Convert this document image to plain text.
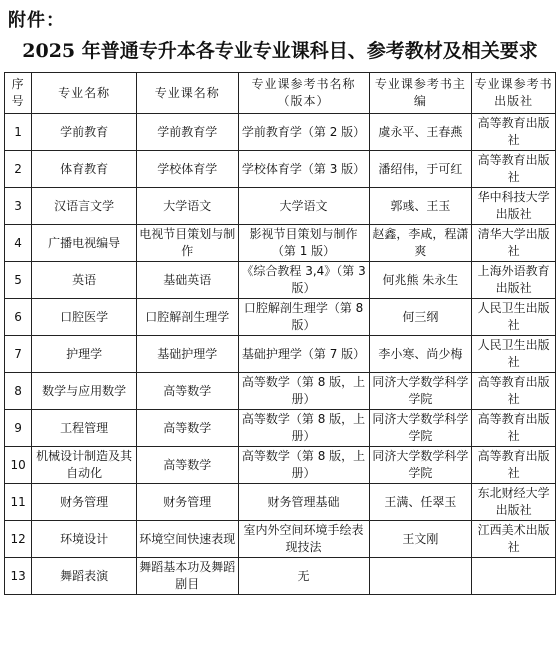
附件：
2025 年普通专升本各专业专业课科目、参考教材及相关要求
序号	专业名称	专业课名称	专业课参考书名称（版本）	专业课参考书主编	专业课参考书出版社
1	学前教育	学前教育学	学前教育学（第 2 版）	虞永平、王春燕	高等教育出版社
2	体育教育	学校体育学	学校体育学（第 3 版）	潘绍伟，于可红	高等教育出版社
3	汉语言文学	大学语文	大学语文	郭彧、王玉	华中科技大学出版社
4	广播电视编导	电视节目策划与制作	影视节目策划与制作（第 1 版）	赵鑫，李咸，程潇爽	清华大学出版社
5	英语	基础英语	《综合教程 3,4》（第 3 版）	何兆熊 朱永生	上海外语教育出版社
6	口腔医学	口腔解剖生理学	口腔解剖生理学（第 8 版）	何三纲	人民卫生出版社
7	护理学	基础护理学	基础护理学（第 7 版）	李小寒、尚少梅	人民卫生出版社
8	数学与应用数学	高等数学	高等数学（第 8 版，上册）	同济大学数学科学学院	高等教育出版社
9	工程管理	高等数学	高等数学（第 8 版，上册）	同济大学数学科学学院	高等教育出版社
10	机械设计制造及其自动化	高等数学	高等数学（第 8 版，上册）	同济大学数学科学学院	高等教育出版社
11	财务管理	财务管理	财务管理基础	王满、任翠玉	东北财经大学出版社
12	环境设计	环境空间快速表现	室内外空间环境手绘表现技法	王文刚	江西美术出版社
13	舞蹈表演	舞蹈基本功及舞蹈剧目	无		
